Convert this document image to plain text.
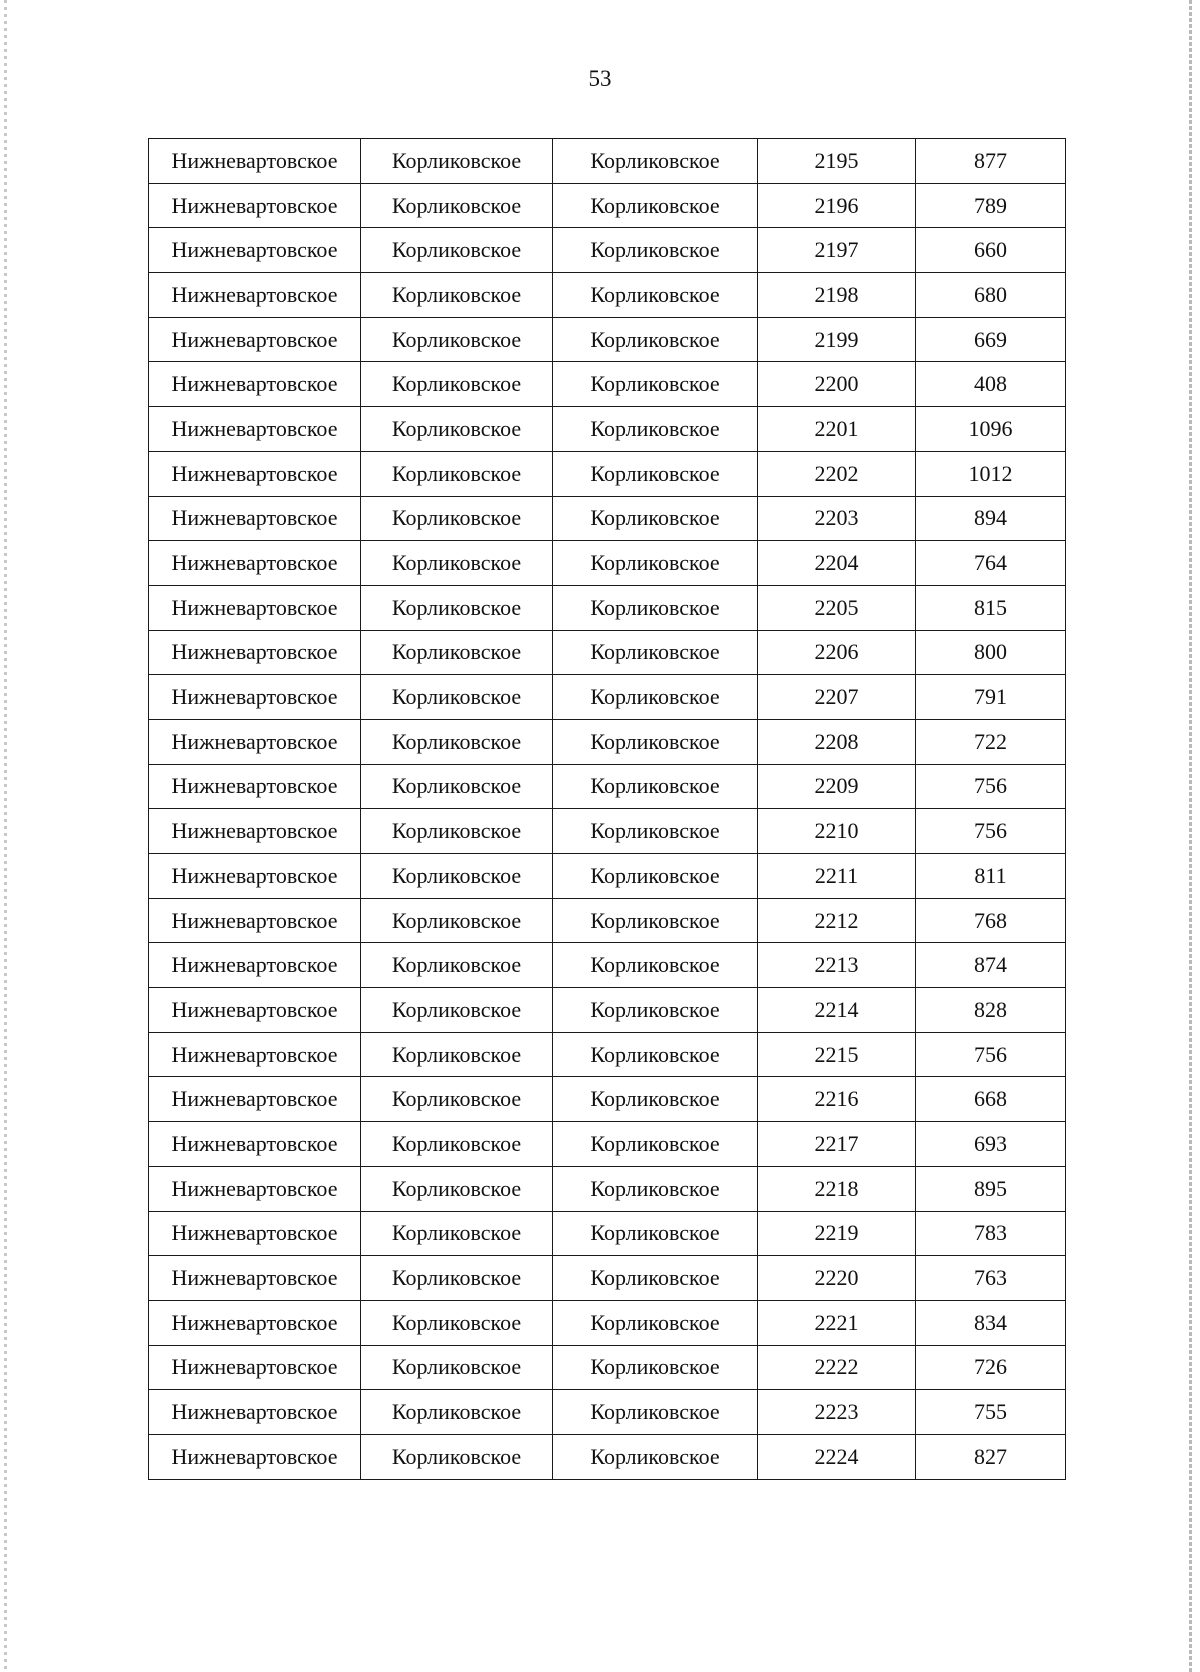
53
Нижневартовское	Корликовское	Корликовское	2195	877
Нижневартовское	Корликовское	Корликовское	2196	789
Нижневартовское	Корликовское	Корликовское	2197	660
Нижневартовское	Корликовское	Корликовское	2198	680
Нижневартовское	Корликовское	Корликовское	2199	669
Нижневартовское	Корликовское	Корликовское	2200	408
Нижневартовское	Корликовское	Корликовское	2201	1096
Нижневартовское	Корликовское	Корликовское	2202	1012
Нижневартовское	Корликовское	Корликовское	2203	894
Нижневартовское	Корликовское	Корликовское	2204	764
Нижневартовское	Корликовское	Корликовское	2205	815
Нижневартовское	Корликовское	Корликовское	2206	800
Нижневартовское	Корликовское	Корликовское	2207	791
Нижневартовское	Корликовское	Корликовское	2208	722
Нижневартовское	Корликовское	Корликовское	2209	756
Нижневартовское	Корликовское	Корликовское	2210	756
Нижневартовское	Корликовское	Корликовское	2211	811
Нижневартовское	Корликовское	Корликовское	2212	768
Нижневартовское	Корликовское	Корликовское	2213	874
Нижневартовское	Корликовское	Корликовское	2214	828
Нижневартовское	Корликовское	Корликовское	2215	756
Нижневартовское	Корликовское	Корликовское	2216	668
Нижневартовское	Корликовское	Корликовское	2217	693
Нижневартовское	Корликовское	Корликовское	2218	895
Нижневартовское	Корликовское	Корликовское	2219	783
Нижневартовское	Корликовское	Корликовское	2220	763
Нижневартовское	Корликовское	Корликовское	2221	834
Нижневартовское	Корликовское	Корликовское	2222	726
Нижневартовское	Корликовское	Корликовское	2223	755
Нижневартовское	Корликовское	Корликовское	2224	827
